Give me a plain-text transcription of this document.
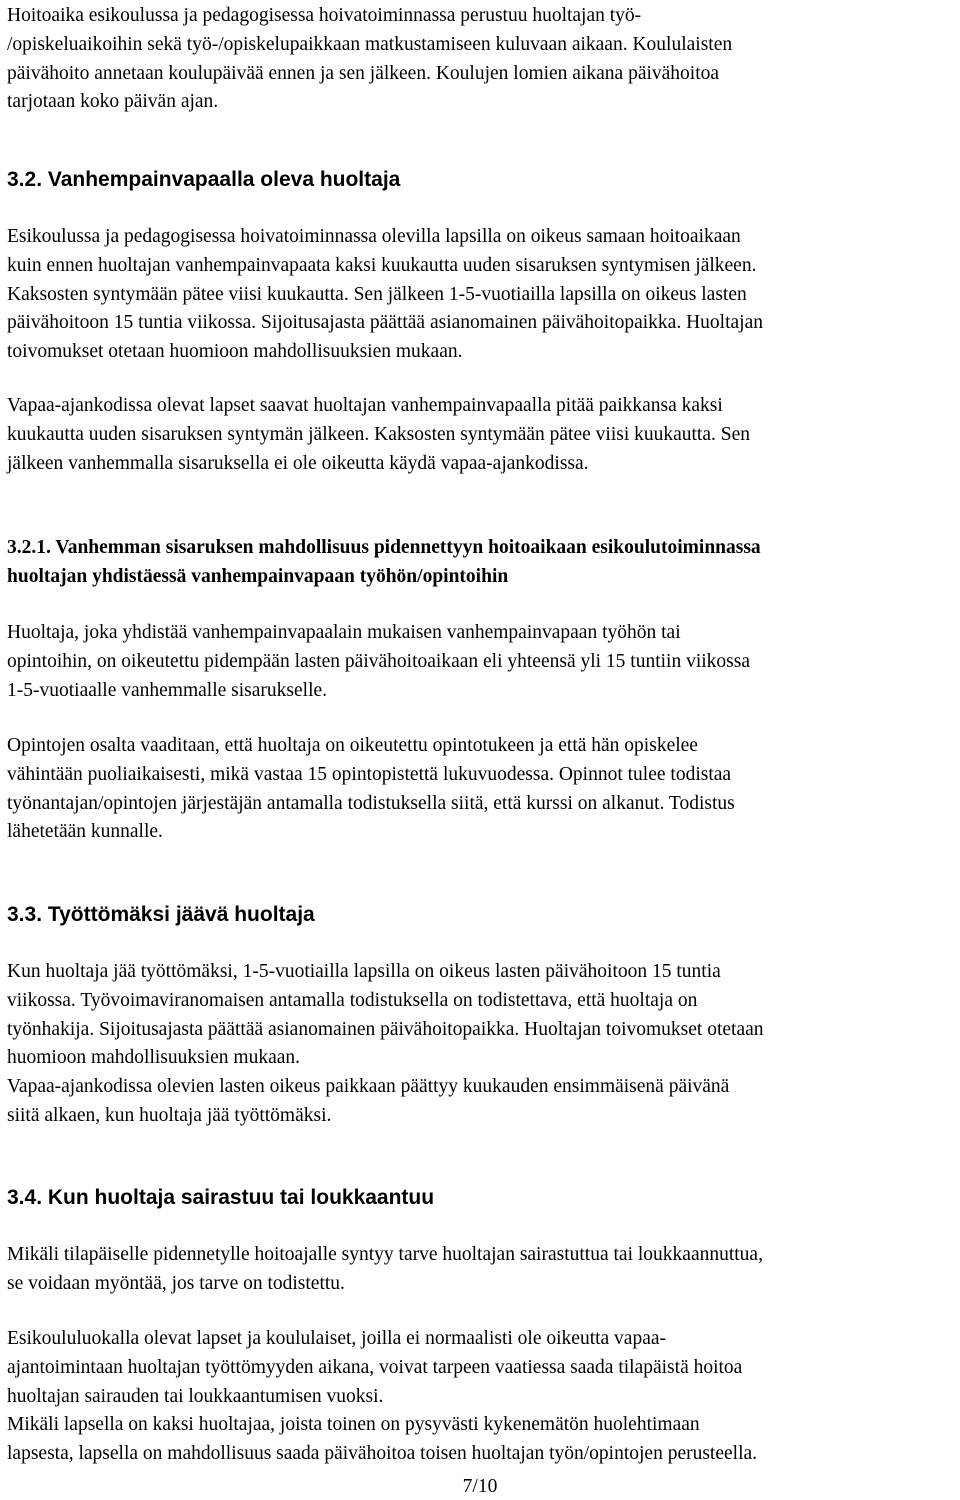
Hoitoaika esikoulussa ja pedagogisessa hoivatoiminnassa perustuu huoltajan työ-
/opiskeluaikoihin sekä työ-/opiskelupaikkaan matkustamiseen kuluvaan aikaan. Koululaisten
päivähoito annetaan koulupäivää ennen ja sen jälkeen. Koulujen lomien aikana päivähoitoa
tarjotaan koko päivän ajan.

3.2. Vanhempainvapaalla oleva huoltaja

Esikoulussa ja pedagogisessa hoivatoiminnassa olevilla lapsilla on oikeus samaan hoitoaikaan
kuin ennen huoltajan vanhempainvapaata kaksi kuukautta uuden sisaruksen syntymisen jälkeen.
Kaksosten syntymään pätee viisi kuukautta. Sen jälkeen 1-5-vuotiailla lapsilla on oikeus lasten
päivähoitoon 15 tuntia viikossa. Sijoitusajasta päättää asianomainen päivähoitopaikka. Huoltajan
toivomukset otetaan huomioon mahdollisuuksien mukaan.

Vapaa-ajankodissa olevat lapset saavat huoltajan vanhempainvapaalla pitää paikkansa kaksi
kuukautta uuden sisaruksen syntymän jälkeen. Kaksosten syntymään pätee viisi kuukautta. Sen
jälkeen vanhemmalla sisaruksella ei ole oikeutta käydä vapaa-ajankodissa.

3.2.1. Vanhemman sisaruksen mahdollisuus pidennettyyn hoitoaikaan esikoulutoiminnassa
huoltajan yhdistäessä vanhempainvapaan työhön/opintoihin

Huoltaja, joka yhdistää vanhempainvapaalain mukaisen vanhempainvapaan työhön tai
opintoihin, on oikeutettu pidempään lasten päivähoitoaikaan eli yhteensä yli 15 tuntiin viikossa
1-5-vuotiaalle vanhemmalle sisarukselle.

Opintojen osalta vaaditaan, että huoltaja on oikeutettu opintotukeen ja että hän opiskelee
vähintään puoliaikaisesti, mikä vastaa 15 opintopistettä lukuvuodessa. Opinnot tulee todistaa
työnantajan/opintojen järjestäjän antamalla todistuksella siitä, että kurssi on alkanut. Todistus
lähetetään kunnalle.

3.3. Työttömäksi jäävä huoltaja

Kun huoltaja jää työttömäksi, 1-5-vuotiailla lapsilla on oikeus lasten päivähoitoon 15 tuntia
viikossa. Työvoimaviranomaisen antamalla todistuksella on todistettava, että huoltaja on
työnhakija. Sijoitusajasta päättää asianomainen päivähoitopaikka. Huoltajan toivomukset otetaan
huomioon mahdollisuuksien mukaan.
Vapaa-ajankodissa olevien lasten oikeus paikkaan päättyy kuukauden ensimmäisenä päivänä
siitä alkaen, kun huoltaja jää työttömäksi.

3.4. Kun huoltaja sairastuu tai loukkaantuu

Mikäli tilapäiselle pidennetylle hoitoajalle syntyy tarve huoltajan sairastuttua tai loukkaannuttua,
se voidaan myöntää, jos tarve on todistettu.

Esikoululuokalla olevat lapset ja koululaiset, joilla ei normaalisti ole oikeutta vapaa-
ajantoimintaan huoltajan työttömyyden aikana, voivat tarpeen vaatiessa saada tilapäistä hoitoa
huoltajan sairauden tai loukkaantumisen vuoksi.
Mikäli lapsella on kaksi huoltajaa, joista toinen on pysyvästi kykenemätön huolehtimaan
lapsesta, lapsella on mahdollisuus saada päivähoitoa toisen huoltajan työn/opintojen perusteella.

7/10
